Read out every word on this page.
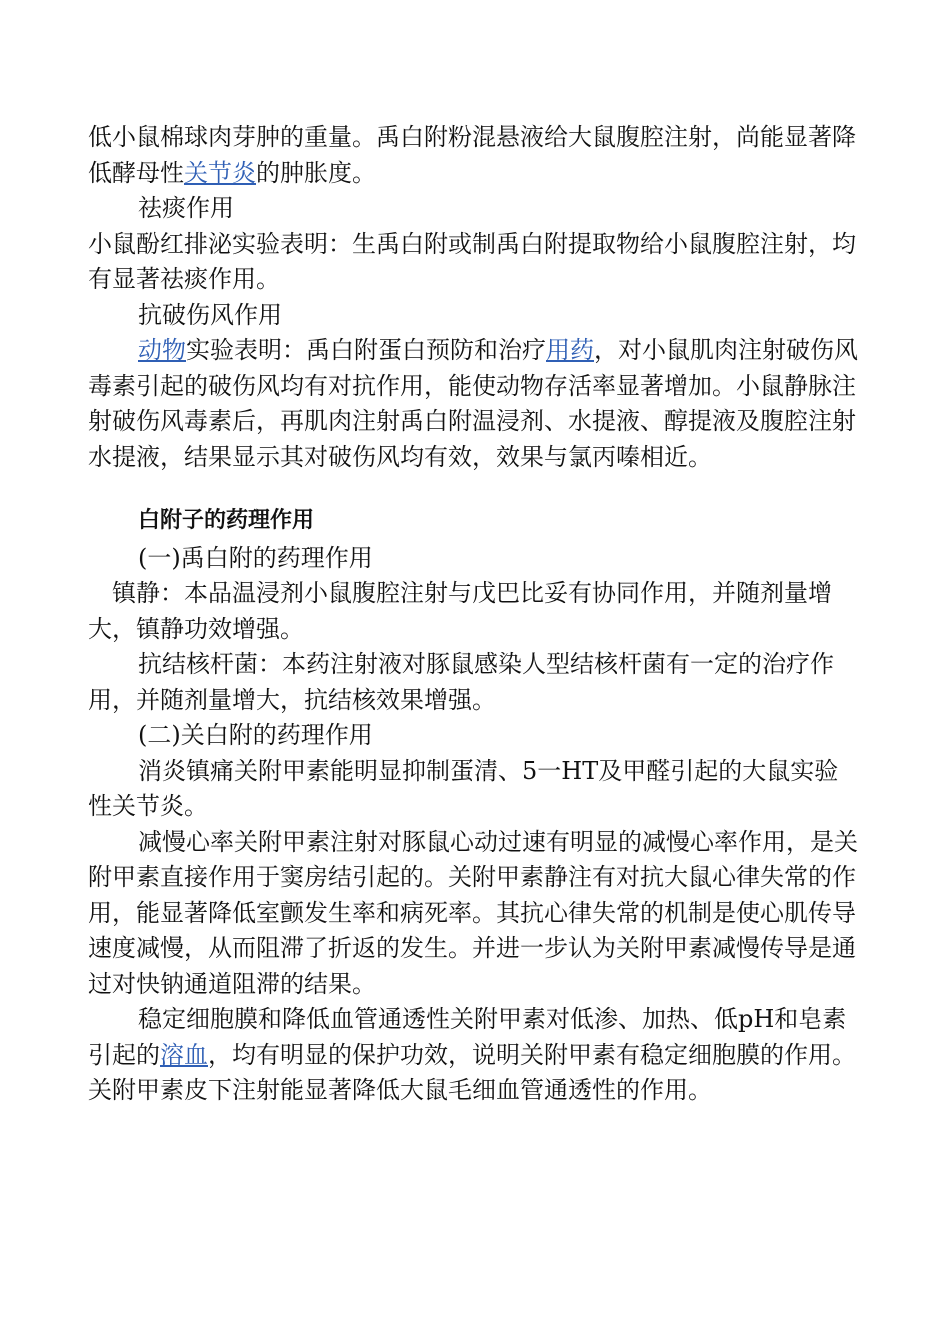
低小鼠棉球肉芽肿的重量。禹白附粉混悬液给大鼠腹腔注射，尚能显著降低酵母性关节炎的肿胀度。

祛痰作用

小鼠酚红排泌实验表明：生禹白附或制禹白附提取物给小鼠腹腔注射，均有显著祛痰作用。

抗破伤风作用

动物实验表明：禹白附蛋白预防和治疗用药，对小鼠肌肉注射破伤风毒素引起的破伤风均有对抗作用，能使动物存活率显著增加。小鼠静脉注射破伤风毒素后，再肌肉注射禹白附温浸剂、水提液、醇提液及腹腔注射水提液，结果显示其对破伤风均有效，效果与氯丙嗪相近。

白附子的药理作用

(一)禹白附的药理作用

镇静：本品温浸剂小鼠腹腔注射与戊巴比妥有协同作用，并随剂量增大，镇静功效增强。

抗结核杆菌：本药注射液对豚鼠感染人型结核杆菌有一定的治疗作用，并随剂量增大，抗结核效果增强。

(二)关白附的药理作用

消炎镇痛关附甲素能明显抑制蛋清、5一HT及甲醛引起的大鼠实验性关节炎。

减慢心率关附甲素注射对豚鼠心动过速有明显的减慢心率作用，是关附甲素直接作用于窦房结引起的。关附甲素静注有对抗大鼠心律失常的作用，能显著降低室颤发生率和病死率。其抗心律失常的机制是使心肌传导速度减慢，从而阻滞了折返的发生。并进一步认为关附甲素减慢传导是通过对快钠通道阻滞的结果。

稳定细胞膜和降低血管通透性关附甲素对低渗、加热、低pH和皂素引起的溶血，均有明显的保护功效，说明关附甲素有稳定细胞膜的作用。关附甲素皮下注射能显著降低大鼠毛细血管通透性的作用。
